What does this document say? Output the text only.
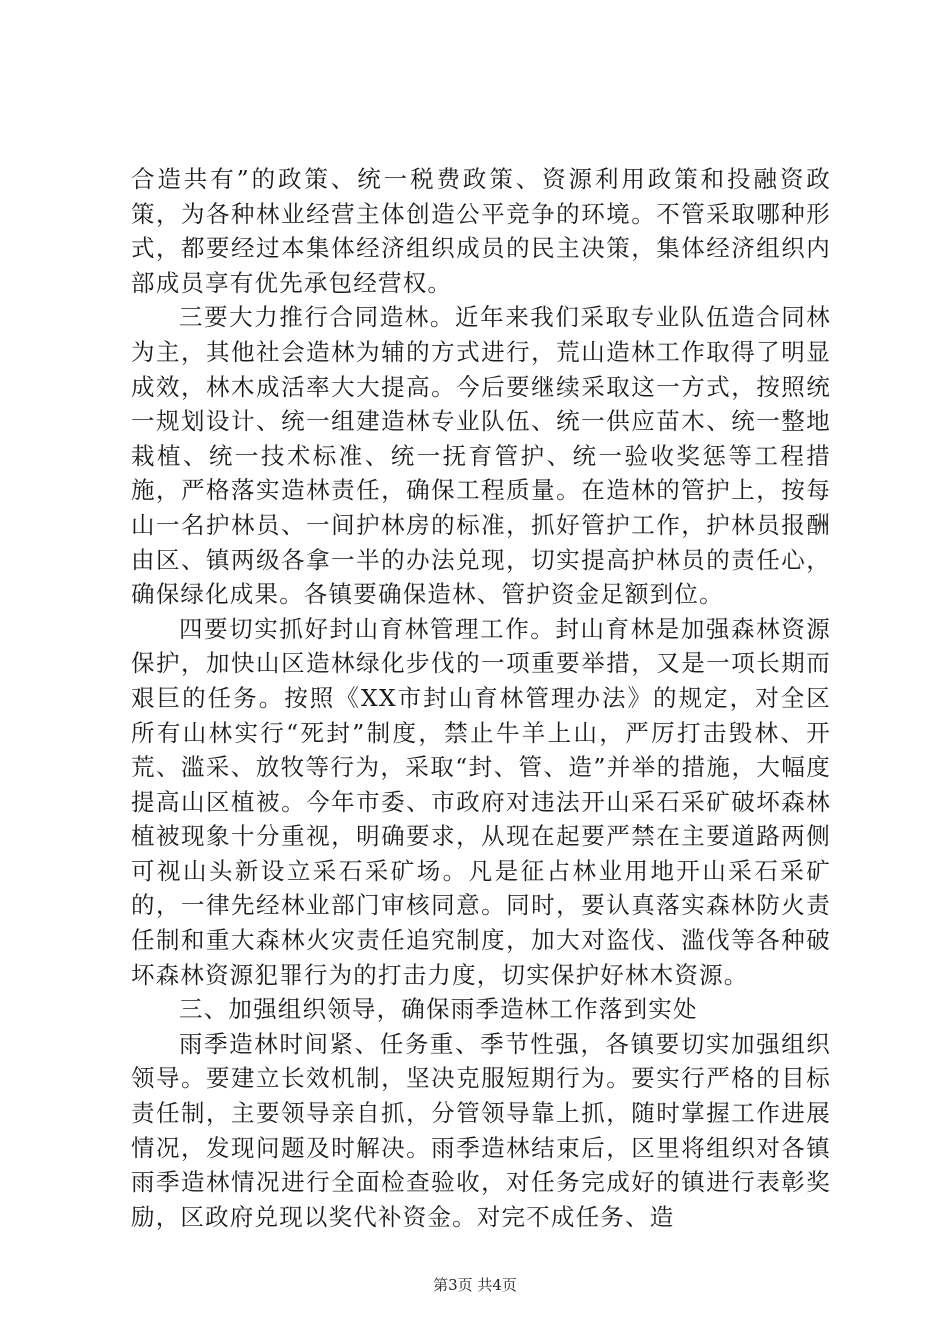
合造共有”的政策、统一税费政策、资源利用政策和投融资政策，为各种林业经营主体创造公平竞争的环境。不管采取哪种形式，都要经过本集体经济组织成员的民主决策，集体经济组织内部成员享有优先承包经营权。

三要大力推行合同造林。近年来我们采取专业队伍造合同林为主，其他社会造林为辅的方式进行，荒山造林工作取得了明显成效，林木成活率大大提高。今后要继续采取这一方式，按照统一规划设计、统一组建造林专业队伍、统一供应苗木、统一整地栽植、统一技术标准、统一抚育管护、统一验收奖惩等工程措施，严格落实造林责任，确保工程质量。在造林的管护上，按每山一名护林员、一间护林房的标准，抓好管护工作，护林员报酬由区、镇两级各拿一半的办法兑现，切实提高护林员的责任心，确保绿化成果。各镇要确保造林、管护资金足额到位。

四要切实抓好封山育林管理工作。封山育林是加强森林资源保护，加快山区造林绿化步伐的一项重要举措，又是一项长期而艰巨的任务。按照《XX市封山育林管理办法》的规定，对全区所有山林实行“死封”制度，禁止牛羊上山，严厉打击毁林、开荒、滥采、放牧等行为，采取“封、管、造”并举的措施，大幅度提高山区植被。今年市委、市政府对违法开山采石采矿破坏森林植被现象十分重视，明确要求，从现在起要严禁在主要道路两侧可视山头新设立采石采矿场。凡是征占林业用地开山采石采矿的，一律先经林业部门审核同意。同时，要认真落实森林防火责任制和重大森林火灾责任追究制度，加大对盗伐、滥伐等各种破坏森林资源犯罪行为的打击力度，切实保护好林木资源。

三、加强组织领导，确保雨季造林工作落到实处

雨季造林时间紧、任务重、季节性强，各镇要切实加强组织领导。要建立长效机制，坚决克服短期行为。要实行严格的目标责任制，主要领导亲自抓，分管领导靠上抓，随时掌握工作进展情况，发现问题及时解决。雨季造林结束后，区里将组织对各镇雨季造林情况进行全面检查验收，对任务完成好的镇进行表彰奖励，区政府兑现以奖代补资金。对完不成任务、造

第3页 共4页
